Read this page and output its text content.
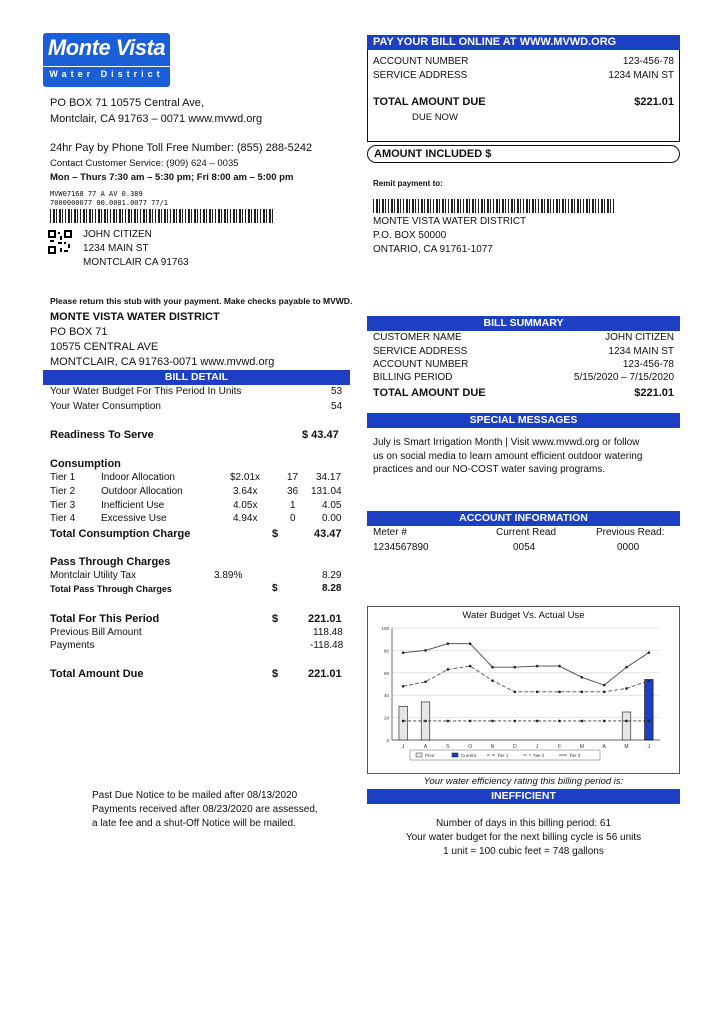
Monte Vista
Water District
PO BOX 71 10575 Central Ave,
Montclair, CA 91763 – 0071 www.mvwd.org
24hr Pay by Phone Toll Free Number: (855) 288-5242
Contact Customer Service: (909) 624 – 0035
Mon – Thurs 7:30 am – 5:30 pm; Fri 8:00 am – 5:00 pm
MVW07168 77 A AV 0.389
7000000077 00.0001.0077 77/1
JOHN CITIZEN
1234 MAIN ST
MONTCLAIR CA 91763
PAY YOUR BILL ONLINE AT WWW.MVWD.ORG
ACCOUNT NUMBER	123-456-78
SERVICE ADDRESS	1234 MAIN ST
TOTAL AMOUNT DUE	$221.01
DUE NOW
AMOUNT INCLUDED $
Remit payment to:
MONTE VISTA WATER DISTRICT
P.O. BOX 50000
ONTARIO, CA 91761-1077
Please return this stub with your payment. Make checks payable to MVWD.
MONTE VISTA WATER DISTRICT
PO BOX 71
10575 CENTRAL AVE
MONTCLAIR, CA 91763-0071 www.mvwd.org
BILL DETAIL
Your Water Budget For This Period In Units	53
Your Water Consumption	54
Readiness To Serve	$ 43.47
Consumption
Tier 1	Indoor Allocation	$2.01x	17 34.17
Tier 2	Outdoor Allocation	3.64x	36 131.04
Tier 3	Inefficient Use	4.05x	1	4.05
Tier 4	Excessive Use	4.94x	0	0.00
Total Consumption Charge	$	43.47
Pass Through Charges
Montclair Utility Tax	3.89%	8.29
Total Pass Through Charges	$	8.28
Total For This Period	$	221.01
Previous Bill Amount	118.48
Payments	-118.48
Total Amount Due	$	221.01
BILL SUMMARY
CUSTOMER NAME	JOHN CITIZEN
SERVICE ADDRESS	1234 MAIN ST
ACCOUNT NUMBER	123-456-78
BILLING PERIOD	5/15/2020 – 7/15/2020
TOTAL AMOUNT DUE	$221.01
SPECIAL MESSAGES
July is Smart Irrigation Month | Visit www.mvwd.org or follow us on social media to learn amount efficient outdoor watering practices and our NO-COST water saving programs.
ACCOUNT INFORMATION
Meter #	Current Read	Previous Read:
1234567890	0054	0000
Water Budget Vs. Actual Use
0
20
40
60
80
100
J	A	S	O	N	D	J	F	M	A	M	J
Prior	Current	Tier 1	Tier 2	Tier 3
Your water efficiency rating this billing period is:
INEFFICIENT
Number of days in this billing period: 61
Your water budget for the next billing cycle is 56 units
1 unit = 100 cubic feet = 748 gallons
Past Due Notice to be mailed after 08/13/2020
Payments received after 08/23/2020 are assessed,
a late fee and a shut-Off Notice will be mailed.
